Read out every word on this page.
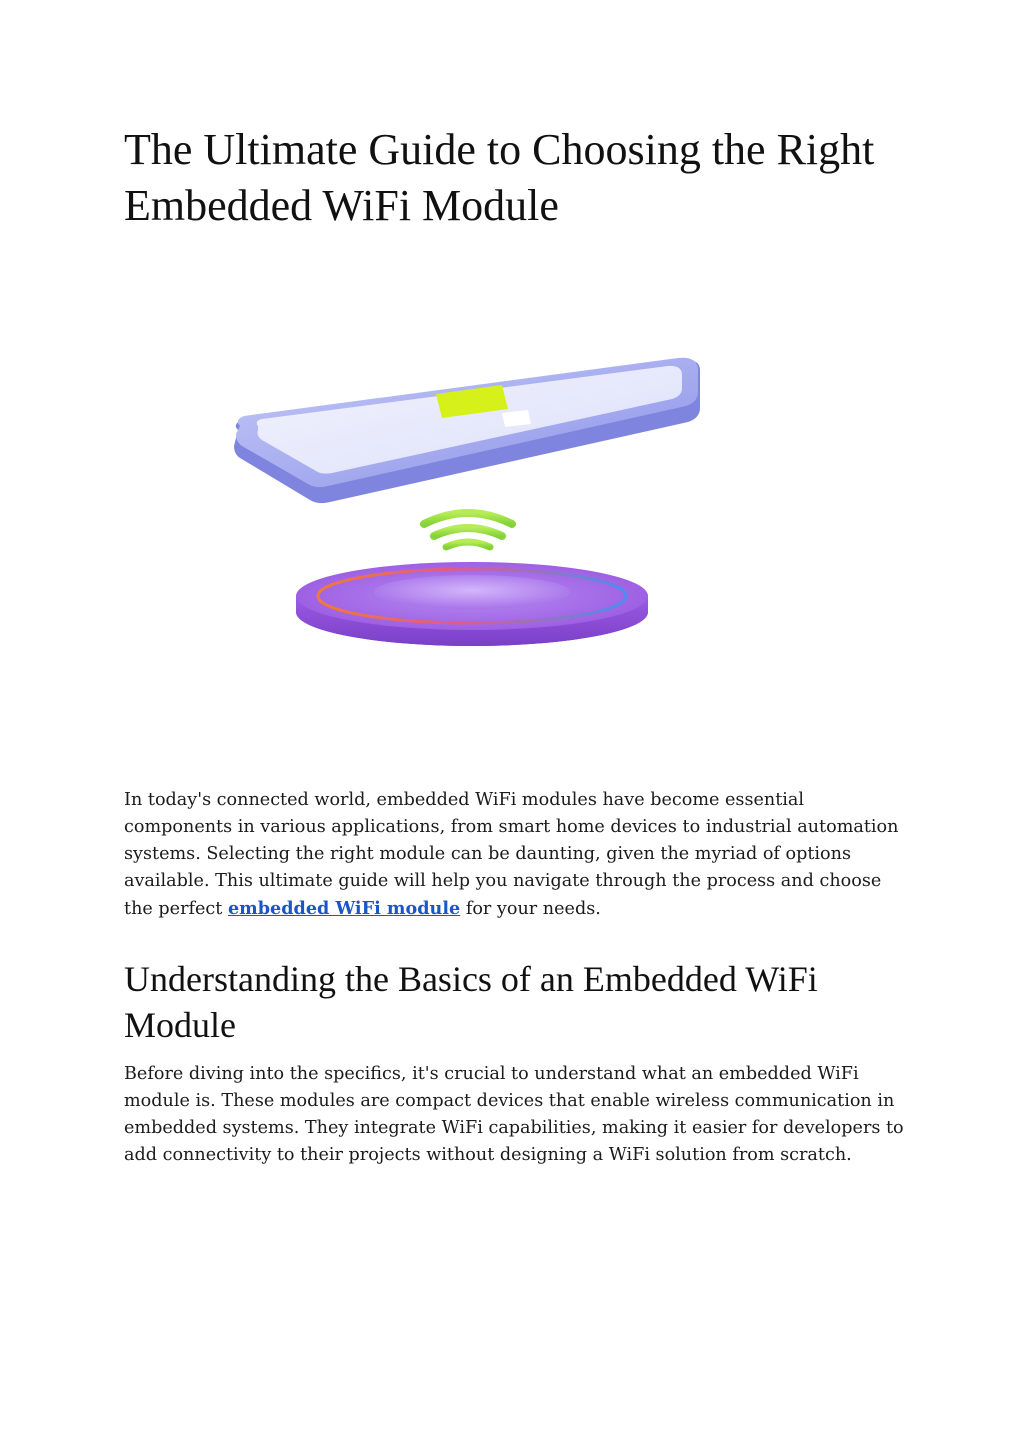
The Ultimate Guide to Choosing the Right Embedded WiFi Module

In today's connected world, embedded WiFi modules have become essential components in various applications, from smart home devices to industrial automation systems. Selecting the right module can be daunting, given the myriad of options available. This ultimate guide will help you navigate through the process and choose the perfect embedded WiFi module for your needs.

Understanding the Basics of an Embedded WiFi Module

Before diving into the specifics, it's crucial to understand what an embedded WiFi module is. These modules are compact devices that enable wireless communication in embedded systems. They integrate WiFi capabilities, making it easier for developers to add connectivity to their projects without designing a WiFi solution from scratch.
